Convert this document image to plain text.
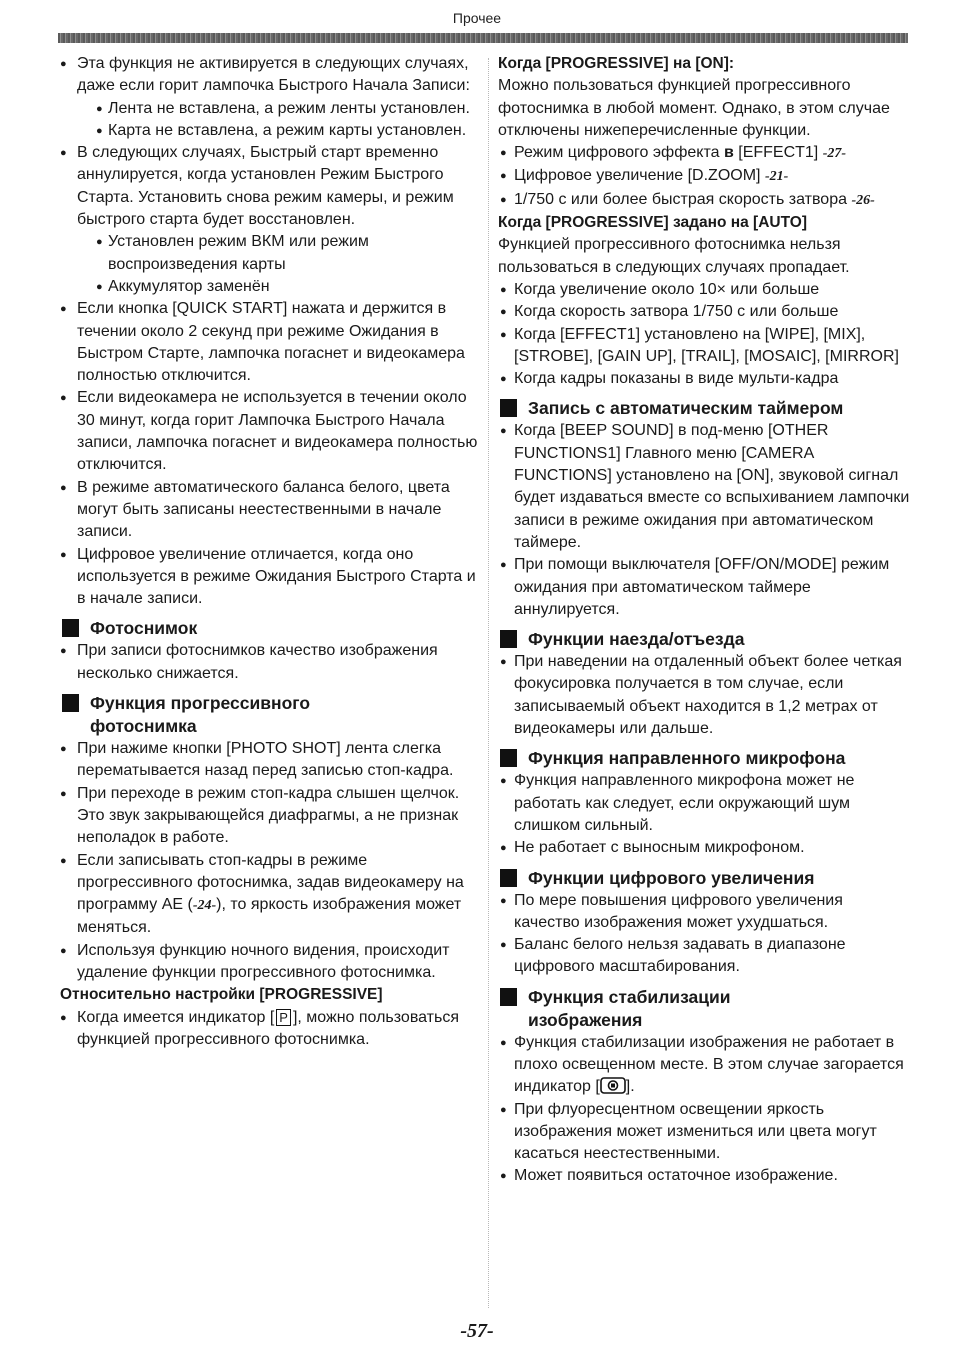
Прочее
● Эта функция не активируется в следующих случаях, даже если горит лампочка Быстрого Начала Записи:
● Лента не вставлена, а режим ленты установлен.
● Карта не вставлена, а режим карты установлен.
● В следующих случаях, Быстрый старт временно аннулируется, когда установлен Режим Быстрого Старта. Установить снова режим камеры, и режим быстрого старта будет восстановлен.
● Установлен режим ВКМ или режим воспроизведения карты
● Аккумулятор заменён
● Если кнопка [QUICK START] нажата и держится в течении около 2 секунд при режиме Ожидания в Быстром Старте, лампочка погаснет и видеокамера полностью отключится.
● Если видеокамера не используется в течении около 30 минут, когда горит Лампочка Быстрого Начала записи, лампочка погаснет и видеокамера полностью отключится.
● В режиме автоматического баланса белого, цвета могут быть записаны неестественными в начале записи.
● Цифровое увеличение отличается, когда оно используется в режиме Ожидания Быстрого Старта и в начале записи.
Фотоснимок
● При записи фотоснимков качество изображения несколько снижается.
Функция прогрессивного
фотоснимка
● При нажиме кнопки [PHOTO SHOT] лента слегка перематывается назад перед записью стоп-кадра.
● При переходе в режим стоп-кадра слышен щелчок. Это звук закрывающейся диафрагмы, а не признак неполадок в работе.
● Если записывать стоп-кадры в режиме прогрессивного фотоснимка, задав видеокамеру на программу AE (-24-), то яркость изображения может меняться.
● Используя функцию ночного видения, происходит удаление функции прогрессивного фотоснимка.
Относительно настройки [PROGRESSIVE]
● Когда имеется индикатор [ P ], можно пользоваться функцией прогрессивного фотоснимка.
Когда [PROGRESSIVE] на [ON]:
Можно пользоваться функцией прогрессивного фотоснимка в любой момент. Однако, в этом случае отключены нижеперечисленные функции.
● Режим цифрового эффекта в [EFFECT1] -27-
● Цифровое увеличение [D.ZOOM] -21-
● 1/750 с или более быстрая скорость затвора -26-
Когда [PROGRESSIVE] задано на [AUTO]
Функцией прогрессивного фотоснимка нельзя пользоваться в следующих случаях пропадает.
● Когда увеличение около 10× или больше
● Когда скорость затвора 1/750 с или больше
● Когда [EFFECT1] установлено на [WIPE], [MIX], [STROBE], [GAIN UP], [TRAIL], [MOSAIC], [MIRROR]
● Когда кадры показаны в виде мульти-кадра
Запись с автоматическим таймером
● Когда [BEEP SOUND] в под-меню [OTHER FUNCTIONS1] Главного меню [CAMERA FUNCTIONS] установлено на [ON], звуковой сигнал будет издаваться вместе со вспыхиванием лампочки записи в режиме ожидания при автоматическом таймере.
● При помощи выключателя [OFF/ON/MODE] режим ожидания при автоматическом таймере аннулируется.
Функции наезда/отъезда
● При наведении на отдаленный объект более четкая фокусировка получается в том случае, если записываемый объект находится в 1,2 метрах от видеокамеры или дальше.
Функция направленного микрофона
● Функция направленного микрофона может не работать как следует, если окружающий шум слишком сильный.
● Не работает с выносным микрофоном.
Функции цифрового увеличения
● По мере повышения цифрового увеличения качество изображения может ухудшаться.
● Баланс белого нельзя задавать в диапазоне цифрового масштабирования.
Функция стабилизации
изображения
● Функция стабилизации изображения не работает в плохо освещенном месте. В этом случае загорается индикатор [ ].
● При флуоресцентном освещении яркость изображения может измениться или цвета могут касаться неестественными.
● Может появиться остаточное изображение.
-57-
